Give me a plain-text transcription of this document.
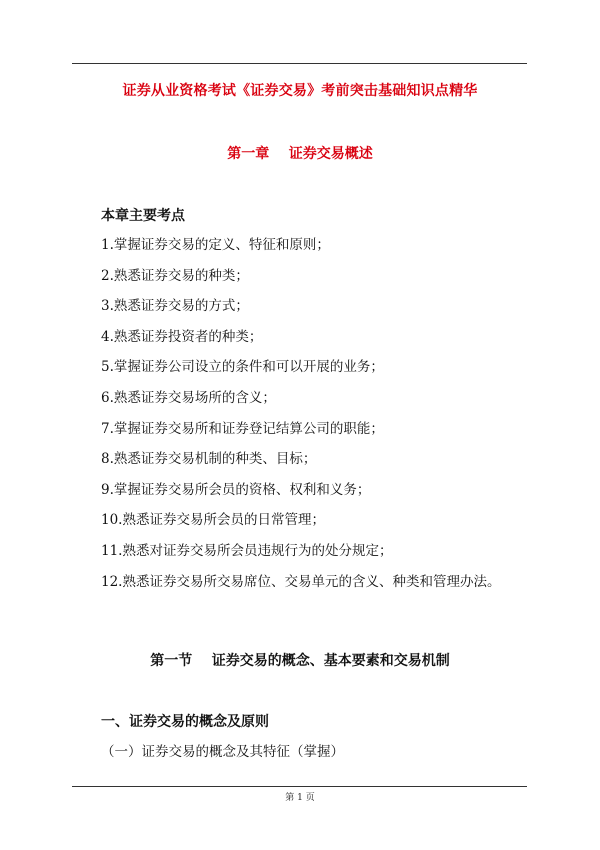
证券从业资格考试《证券交易》考前突击基础知识点精华
第一章    证券交易概述
本章主要考点
1.掌握证券交易的定义、特征和原则；
2.熟悉证券交易的种类；
3.熟悉证券交易的方式；
4.熟悉证券投资者的种类；
5.掌握证券公司设立的条件和可以开展的业务；
6.熟悉证券交易场所的含义；
7.掌握证券交易所和证券登记结算公司的职能；
8.熟悉证券交易机制的种类、目标；
9.掌握证券交易所会员的资格、权利和义务；
10.熟悉证券交易所会员的日常管理；
11.熟悉对证券交易所会员违规行为的处分规定；
12.熟悉证券交易所交易席位、交易单元的含义、种类和管理办法。
第一节    证券交易的概念、基本要素和交易机制
一、证券交易的概念及原则
（一）证券交易的概念及其特征（掌握）
第 1 页
